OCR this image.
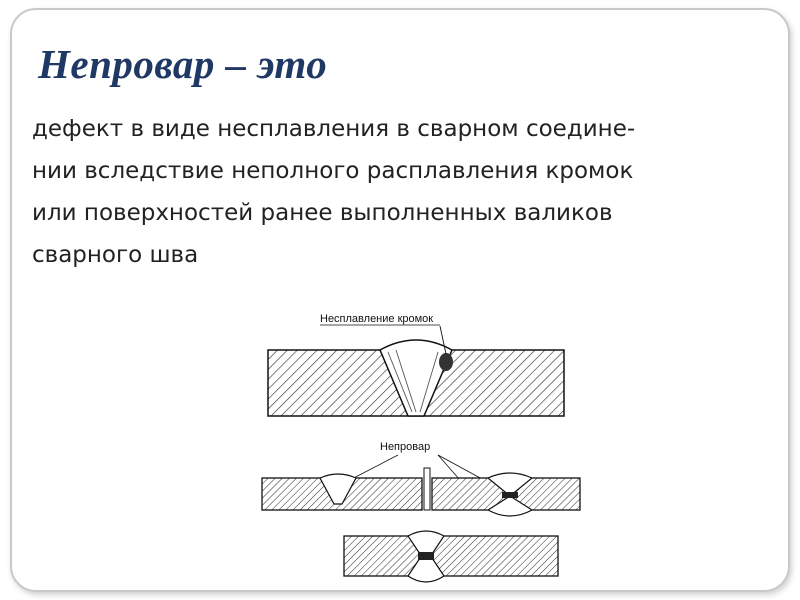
Непровар – это
дефект в виде несплавления в сварном соедине-
нии вследствие неполного расплавления кромок
или поверхностей ранее выполненных валиков
сварного шва
Несплавление кромок
Непровар
